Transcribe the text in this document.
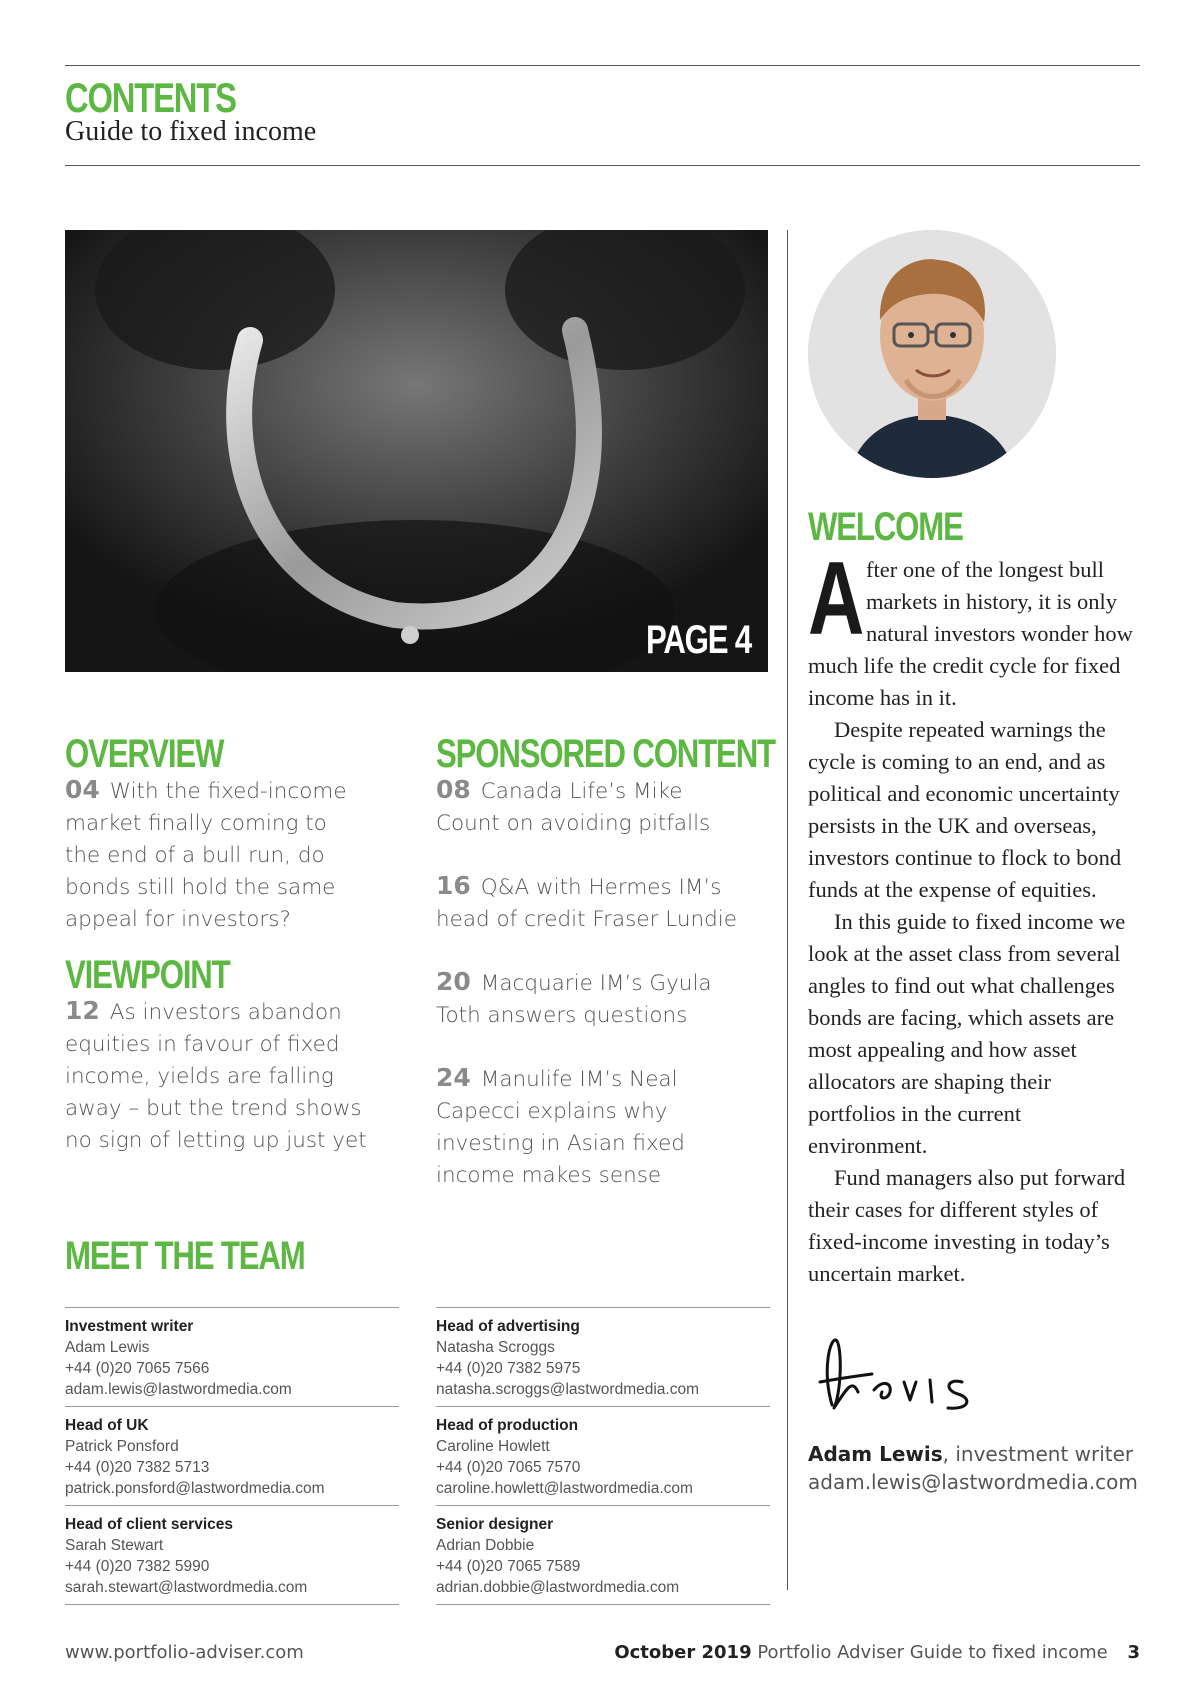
CONTENTS
Guide to fixed income
PAGE 4
OVERVIEW
04 With the fixed-income market finally coming to the end of a bull run, do bonds still hold the same appeal for investors?
VIEWPOINT
12 As investors abandon equities in favour of fixed income, yields are falling away – but the trend shows no sign of letting up just yet
SPONSORED CONTENT
08 Canada Life’s Mike Count on avoiding pitfalls
16 Q&A with Hermes IM’s head of credit Fraser Lundie
20 Macquarie IM’s Gyula Toth answers questions
24 Manulife IM’s Neal Capecci explains why investing in Asian fixed income makes sense
MEET THE TEAM
Investment writer
Adam Lewis
+44 (0)20 7065 7566
adam.lewis@lastwordmedia.com
Head of UK
Patrick Ponsford
+44 (0)20 7382 5713
patrick.ponsford@lastwordmedia.com
Head of client services
Sarah Stewart
+44 (0)20 7382 5990
sarah.stewart@lastwordmedia.com
Head of advertising
Natasha Scroggs
+44 (0)20 7382 5975
natasha.scroggs@lastwordmedia.com
Head of production
Caroline Howlett
+44 (0)20 7065 7570
caroline.howlett@lastwordmedia.com
Senior designer
Adrian Dobbie
+44 (0)20 7065 7589
adrian.dobbie@lastwordmedia.com
WELCOME

After one of the longest bull markets in history, it is only natural investors wonder how much life the credit cycle for fixed income has in it.

Despite repeated warnings the cycle is coming to an end, and as political and economic uncertainty persists in the UK and overseas, investors continue to flock to bond funds at the expense of equities.

In this guide to fixed income we look at the asset class from several angles to find out what challenges bonds are facing, which assets are most appealing and how asset allocators are shaping their portfolios in the current environment.

Fund managers also put forward their cases for different styles of fixed-income investing in today’s uncertain market.

Adam Lewis, investment writer
adam.lewis@lastwordmedia.com
www.portfolio-adviser.com	October 2019 Portfolio Adviser Guide to fixed income 3
